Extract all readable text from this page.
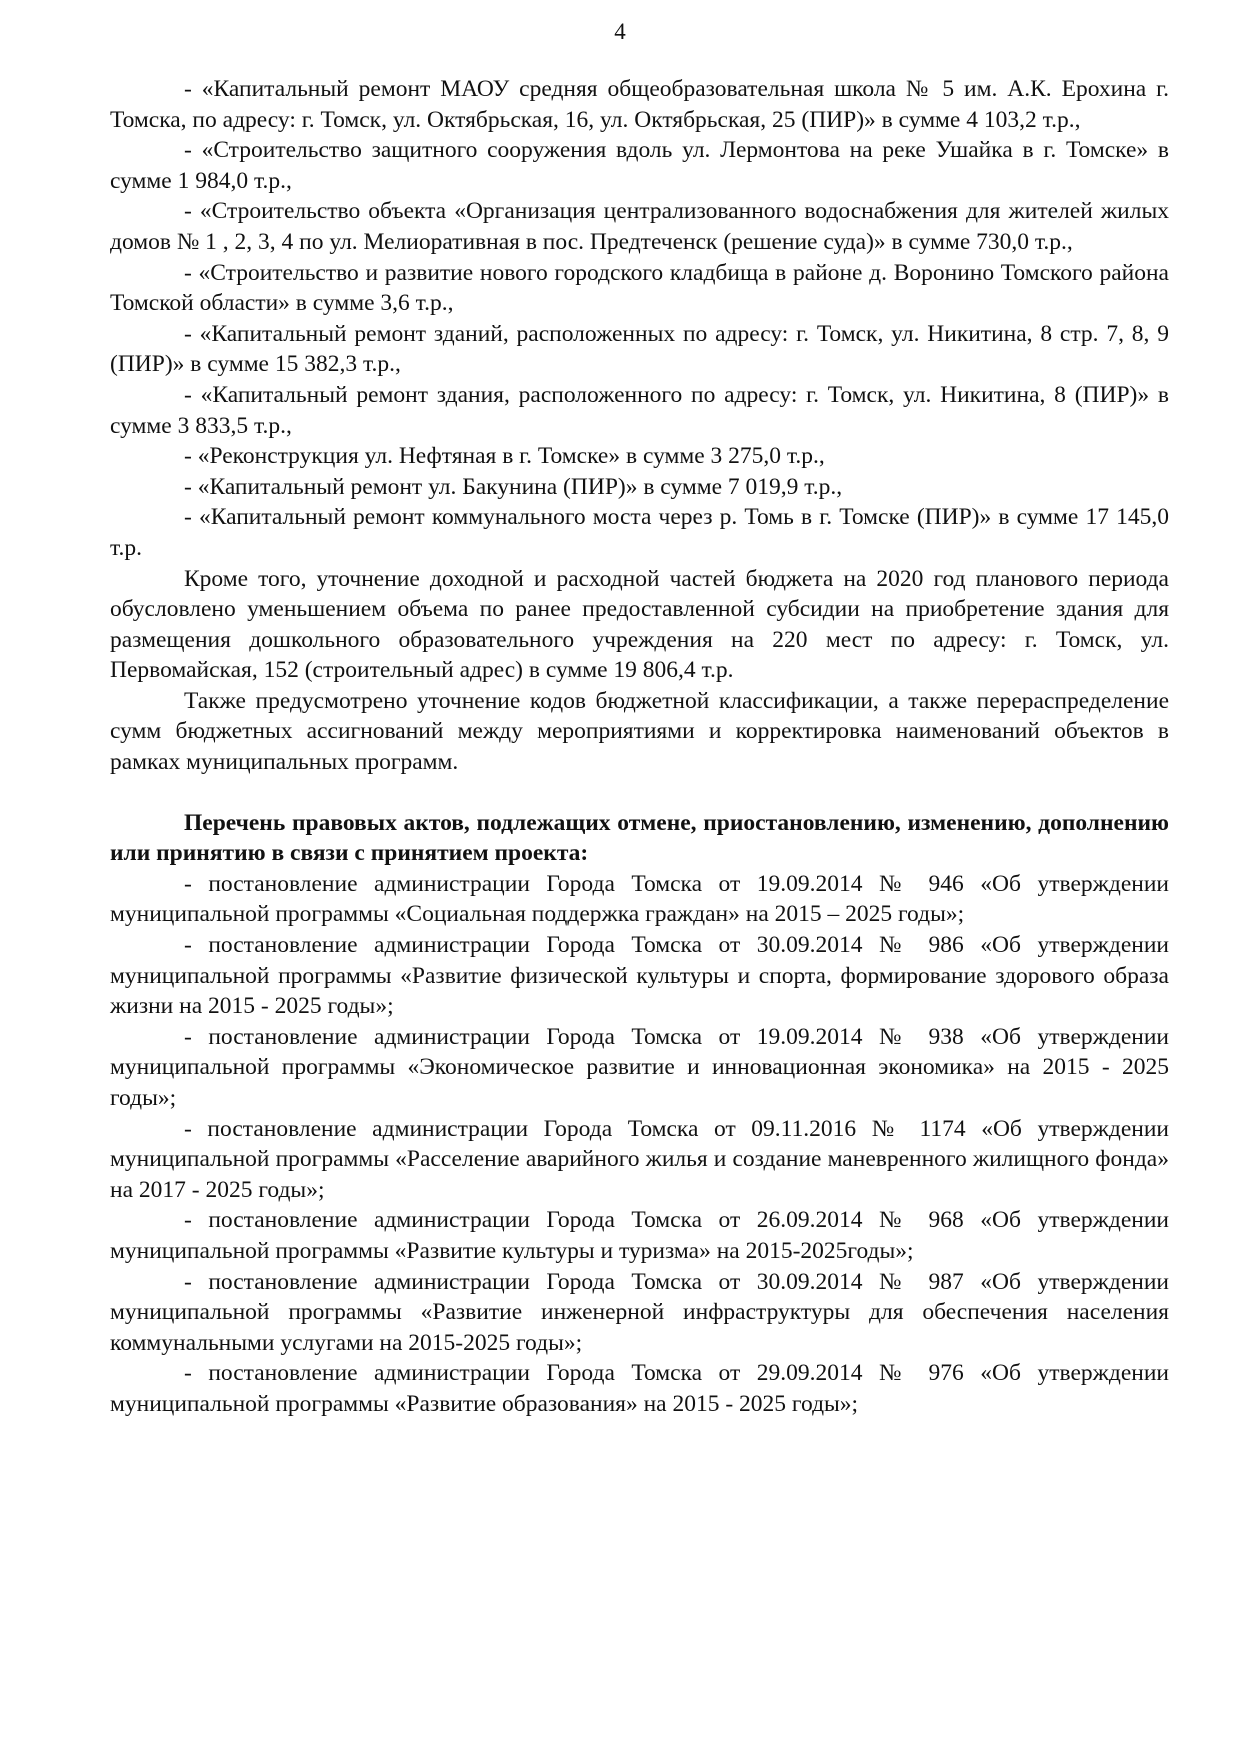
4

- «Капитальный ремонт МАОУ средняя общеобразовательная школа № 5 им. А.К. Ерохина г. Томска, по адресу: г. Томск, ул. Октябрьская, 16, ул. Октябрьская, 25 (ПИР)» в сумме 4 103,2 т.р.,

- «Строительство защитного сооружения вдоль ул. Лермонтова на реке Ушайка в г. Томске» в сумме 1 984,0 т.р.,

- «Строительство объекта «Организация централизованного водоснабжения для жителей жилых домов № 1 , 2, 3, 4 по ул. Мелиоративная в пос. Предтеченск (решение суда)» в сумме 730,0 т.р.,

- «Строительство и развитие нового городского кладбища в районе д. Воронино Томского района Томской области» в сумме 3,6 т.р.,

- «Капитальный ремонт зданий, расположенных по адресу: г. Томск, ул. Никитина, 8 стр. 7, 8, 9 (ПИР)» в сумме 15 382,3 т.р.,

- «Капитальный ремонт здания, расположенного по адресу: г. Томск, ул. Никитина, 8 (ПИР)» в сумме 3 833,5 т.р.,

- «Реконструкция ул. Нефтяная в г. Томске» в сумме 3 275,0 т.р.,

- «Капитальный ремонт ул. Бакунина (ПИР)» в сумме 7 019,9 т.р.,

- «Капитальный ремонт коммунального моста через р. Томь в г. Томске (ПИР)» в сумме 17 145,0 т.р.

Кроме того, уточнение доходной и расходной частей бюджета на 2020 год планового периода обусловлено уменьшением объема по ранее предоставленной субсидии на приобретение здания для размещения дошкольного образовательного учреждения на 220 мест по адресу: г. Томск, ул. Первомайская, 152 (строительный адрес) в сумме 19 806,4 т.р.

Также предусмотрено уточнение кодов бюджетной классификации, а также перераспределение сумм бюджетных ассигнований между мероприятиями и корректировка наименований объектов в рамках муниципальных программ.

Перечень правовых актов, подлежащих отмене, приостановлению, изменению, дополнению или принятию в связи с принятием проекта:

- постановление администрации Города Томска от 19.09.2014 № 946 «Об утверждении муниципальной программы «Социальная поддержка граждан» на 2015 – 2025 годы»;

- постановление администрации Города Томска от 30.09.2014 № 986 «Об утверждении муниципальной программы «Развитие физической культуры и спорта, формирование здорового образа жизни на 2015 - 2025 годы»;

- постановление администрации Города Томска от 19.09.2014 № 938 «Об утверждении муниципальной программы «Экономическое развитие и инновационная экономика» на 2015 - 2025 годы»;

- постановление администрации Города Томска от 09.11.2016 № 1174 «Об утверждении муниципальной программы «Расселение аварийного жилья и создание маневренного жилищного фонда» на 2017 - 2025 годы»;

- постановление администрации Города Томска от 26.09.2014 № 968 «Об утверждении муниципальной программы «Развитие культуры и туризма» на 2015-2025годы»;

- постановление администрации Города Томска от 30.09.2014 № 987 «Об утверждении муниципальной программы «Развитие инженерной инфраструктуры для обеспечения населения коммунальными услугами на 2015-2025 годы»;

- постановление администрации Города Томска от 29.09.2014 № 976 «Об утверждении муниципальной программы «Развитие образования» на 2015 - 2025 годы»;
